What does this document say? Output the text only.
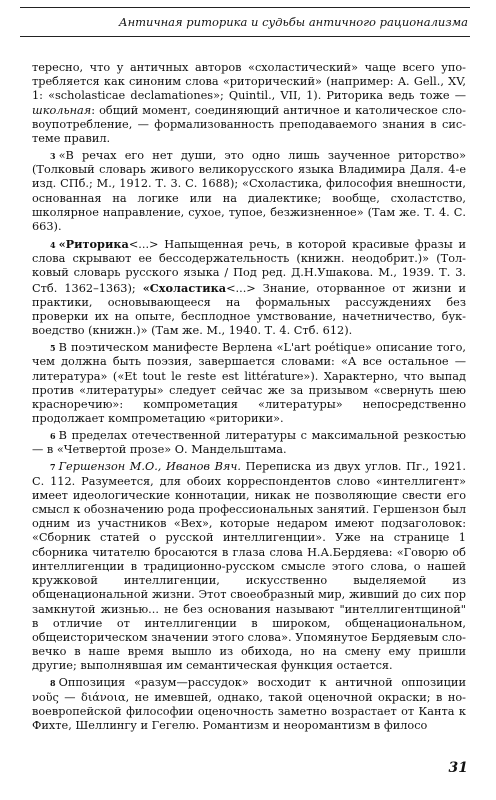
Античная риторика и судьбы античного рационализма

тересно, что у античных авторов «схоластический» чаще всего употребляется как синоним слова «риторический» (например: A. Gell., XV, 1: «scholasticae declamationes»; Quintil., VII, 1). Риторика ведь тоже — школьная: общий момент, соединяющий античное и католическое словоупотребление, — формализованность преподаваемого знания в системе правил.

3 «В речах его нет души, это одно лишь заученное риторство» (Толковый словарь живого великорусского языка Владимира Даля. 4-е изд. СПб.; М., 1912. Т. 3. С. 1688); «Схоластика, философия внешности, основанная на логике или на диалектике; вообще, схоластство, школярное направление, сухое, тупое, безжизненное» (Там же. Т. 4. С. 663).

4 «Риторика<...> Напыщенная речь, в которой красивые фразы и слова скрывают ее бессодержательность (книжн. неодобрит.)» (Толковый словарь русского языка / Под ред. Д.Н.Ушакова. М., 1939. Т. 3. Стб. 1362–1363); «Схоластика<...> Знание, оторванное от жизни и практики, основывающееся на формальных рассуждениях без проверки их на опыте, бесплодное умствование, начетничество, буквоедство (книжн.)» (Там же. М., 1940. Т. 4. Стб. 612).

5 В поэтическом манифесте Верлена «L'art poétique» описание того, чем должна быть поэзия, завершается словами: «А все остальное — литература» («Et tout le reste est littérature»). Характерно, что выпад против «литературы» следует сейчас же за призывом «свернуть шею красноречию»: компрометация «литературы» непосредственно продолжает компрометацию «риторики».

6 В пределах отечественной литературы с максимальной резкостью — в «Четвертой прозе» О. Мандельштама.

7 Гершензон М.О., Иванов Вяч. Переписка из двух углов. Пг., 1921. С. 112. Разумеется, для обоих корреспондентов слово «интеллигент» имеет идеологические коннотации, никак не позволяющие свести его смысл к обозначению рода профессиональных занятий. Гершензон был одним из участников «Вех», которые недаром имеют подзаголовок: «Сборник статей о русской интеллигенции». Уже на странице 1 сборника читателю бросаются в глаза слова Н.А.Бердяева: «Говорю об интеллигенции в традиционно-русском смысле этого слова, о нашей кружковой интеллигенции, искусственно выделяемой из общенациональной жизни. Этот своеобразный мир, живший до сих пор замкнутой жизнью... не без основания называют "интеллигентщиной" в отличие от интеллигенции в широком, общенациональном, общеисторическом значении этого слова». Упомянутое Бердяевым словечко в наше время вышло из обихода, но на смену ему пришли другие; выполнявшая им семантическая функция остается.

8 Оппозиция «разум—рассудок» восходит к античной оппозиции νοῦς — διάνοια, не имевшей, однако, такой оценочной окраски; в новоевропейской философии оценочность заметно возрастает от Канта к Фихте, Шеллингу и Гегелю. Романтизм и неоромантизм в филосо

31
